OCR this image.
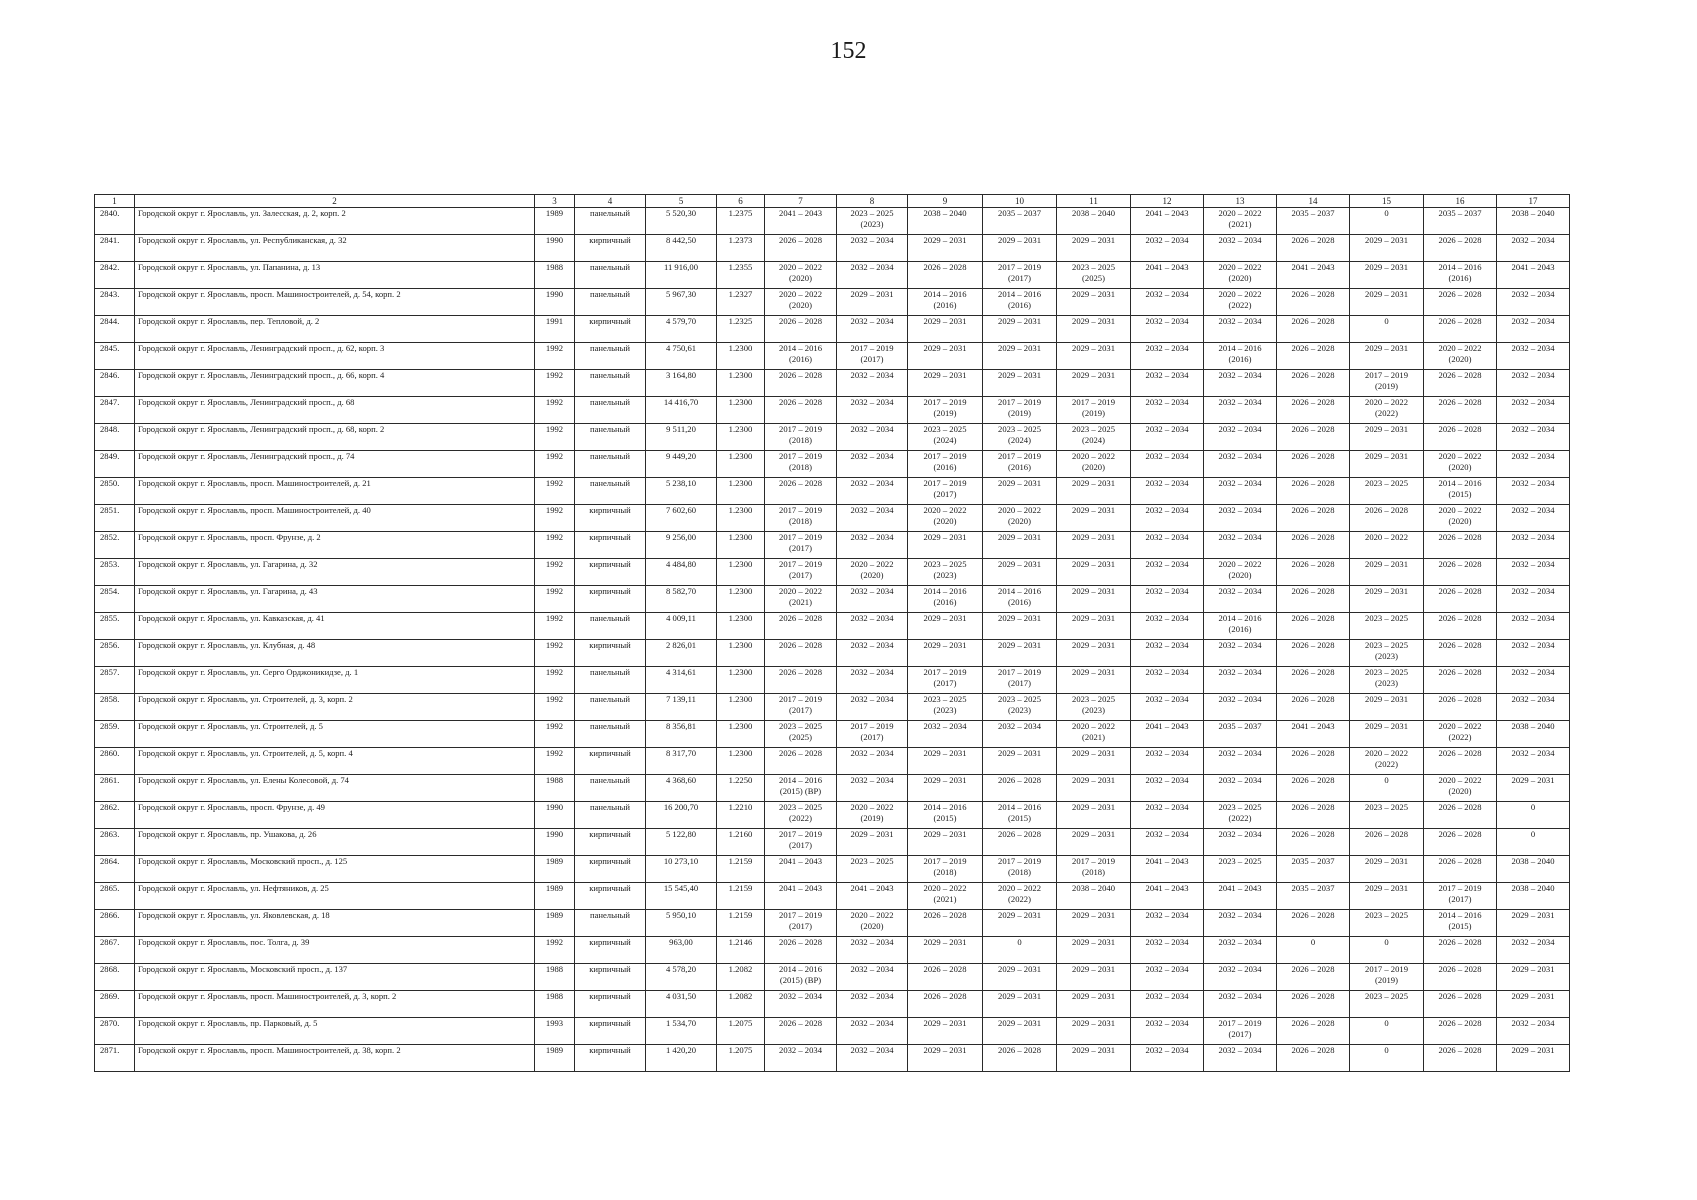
152
1	2	3	4	5	6	7	8	9	10	11	12	13	14	15	16	17

2840.	Городской округ г. Ярославль, ул. Залесская, д. 2, корп. 2	1989	панельный	5 520,30	1.2375	2041 – 2043	2023 – 2025
(2023)	2038 – 2040	2035 – 2037	2038 – 2040	2041 – 2043	2020 – 2022
(2021)	2035 – 2037	0	2035 – 2037	2038 – 2040

2841.	Городской округ г. Ярославль, ул. Республиканская, д. 32	1990	кирпичный	8 442,50	1.2373	2026 – 2028	2032 – 2034	2029 – 2031	2029 – 2031	2029 – 2031	2032 – 2034	2032 – 2034	2026 – 2028	2029 – 2031	2026 – 2028	2032 – 2034

2842.	Городской округ г. Ярославль, ул. Папанина, д. 13	1988	панельный	11 916,00	1.2355	2020 – 2022
(2020)	2032 – 2034	2026 – 2028	2017 – 2019
(2017)	2023 – 2025
(2025)	2041 – 2043	2020 – 2022
(2020)	2041 – 2043	2029 – 2031	2014 – 2016
(2016)	2041 – 2043

2843.	Городской округ г. Ярославль, просп. Машиностроителей, д. 54, корп. 2	1990	панельный	5 967,30	1.2327	2020 – 2022
(2020)	2029 – 2031	2014 – 2016
(2016)	2014 – 2016
(2016)	2029 – 2031	2032 – 2034	2020 – 2022
(2022)	2026 – 2028	2029 – 2031	2026 – 2028	2032 – 2034

2844.	Городской округ г. Ярославль, пер. Тепловой, д. 2	1991	кирпичный	4 579,70	1.2325	2026 – 2028	2032 – 2034	2029 – 2031	2029 – 2031	2029 – 2031	2032 – 2034	2032 – 2034	2026 – 2028	0	2026 – 2028	2032 – 2034

2845.	Городской округ г. Ярославль, Ленинградский просп., д. 62, корп. 3	1992	панельный	4 750,61	1.2300	2014 – 2016
(2016)	2017 – 2019
(2017)	2029 – 2031	2029 – 2031	2029 – 2031	2032 – 2034	2014 – 2016
(2016)	2026 – 2028	2029 – 2031	2020 – 2022
(2020)	2032 – 2034

2846.	Городской округ г. Ярославль, Ленинградский просп., д. 66, корп. 4	1992	панельный	3 164,80	1.2300	2026 – 2028	2032 – 2034	2029 – 2031	2029 – 2031	2029 – 2031	2032 – 2034	2032 – 2034	2026 – 2028	2017 – 2019
(2019)	2026 – 2028	2032 – 2034

2847.	Городской округ г. Ярославль, Ленинградский просп., д. 68	1992	панельный	14 416,70	1.2300	2026 – 2028	2032 – 2034	2017 – 2019
(2019)	2017 – 2019
(2019)	2017 – 2019
(2019)	2032 – 2034	2032 – 2034	2026 – 2028	2020 – 2022
(2022)	2026 – 2028	2032 – 2034

2848.	Городской округ г. Ярославль, Ленинградский просп., д. 68, корп. 2	1992	панельный	9 511,20	1.2300	2017 – 2019
(2018)	2032 – 2034	2023 – 2025
(2024)	2023 – 2025
(2024)	2023 – 2025
(2024)	2032 – 2034	2032 – 2034	2026 – 2028	2029 – 2031	2026 – 2028	2032 – 2034

2849.	Городской округ г. Ярославль, Ленинградский просп., д. 74	1992	панельный	9 449,20	1.2300	2017 – 2019
(2018)	2032 – 2034	2017 – 2019
(2016)	2017 – 2019
(2016)	2020 – 2022
(2020)	2032 – 2034	2032 – 2034	2026 – 2028	2029 – 2031	2020 – 2022
(2020)	2032 – 2034

2850.	Городской округ г. Ярославль, просп. Машиностроителей, д. 21	1992	панельный	5 238,10	1.2300	2026 – 2028	2032 – 2034	2017 – 2019
(2017)	2029 – 2031	2029 – 2031	2032 – 2034	2032 – 2034	2026 – 2028	2023 – 2025	2014 – 2016
(2015)	2032 – 2034

2851.	Городской округ г. Ярославль, просп. Машиностроителей, д. 40	1992	кирпичный	7 602,60	1.2300	2017 – 2019
(2018)	2032 – 2034	2020 – 2022
(2020)	2020 – 2022
(2020)	2029 – 2031	2032 – 2034	2032 – 2034	2026 – 2028	2026 – 2028	2020 – 2022
(2020)	2032 – 2034

2852.	Городской округ г. Ярославль, просп. Фрунзе, д. 2	1992	кирпичный	9 256,00	1.2300	2017 – 2019
(2017)	2032 – 2034	2029 – 2031	2029 – 2031	2029 – 2031	2032 – 2034	2032 – 2034	2026 – 2028	2020 – 2022	2026 – 2028	2032 – 2034

2853.	Городской округ г. Ярославль, ул. Гагарина, д. 32	1992	кирпичный	4 484,80	1.2300	2017 – 2019
(2017)	2020 – 2022
(2020)	2023 – 2025
(2023)	2029 – 2031	2029 – 2031	2032 – 2034	2020 – 2022
(2020)	2026 – 2028	2029 – 2031	2026 – 2028	2032 – 2034

2854.	Городской округ г. Ярославль, ул. Гагарина, д. 43	1992	кирпичный	8 582,70	1.2300	2020 – 2022
(2021)	2032 – 2034	2014 – 2016
(2016)	2014 – 2016
(2016)	2029 – 2031	2032 – 2034	2032 – 2034	2026 – 2028	2029 – 2031	2026 – 2028	2032 – 2034

2855.	Городской округ г. Ярославль, ул. Кавказская, д. 41	1992	панельный	4 009,11	1.2300	2026 – 2028	2032 – 2034	2029 – 2031	2029 – 2031	2029 – 2031	2032 – 2034	2014 – 2016
(2016)	2026 – 2028	2023 – 2025	2026 – 2028	2032 – 2034

2856.	Городской округ г. Ярославль, ул. Клубная, д. 48	1992	кирпичный	2 826,01	1.2300	2026 – 2028	2032 – 2034	2029 – 2031	2029 – 2031	2029 – 2031	2032 – 2034	2032 – 2034	2026 – 2028	2023 – 2025
(2023)	2026 – 2028	2032 – 2034

2857.	Городской округ г. Ярославль, ул. Серго Орджоникидзе, д. 1	1992	панельный	4 314,61	1.2300	2026 – 2028	2032 – 2034	2017 – 2019
(2017)	2017 – 2019
(2017)	2029 – 2031	2032 – 2034	2032 – 2034	2026 – 2028	2023 – 2025
(2023)	2026 – 2028	2032 – 2034

2858.	Городской округ г. Ярославль, ул. Строителей, д. 3, корп. 2	1992	панельный	7 139,11	1.2300	2017 – 2019
(2017)	2032 – 2034	2023 – 2025
(2023)	2023 – 2025
(2023)	2023 – 2025
(2023)	2032 – 2034	2032 – 2034	2026 – 2028	2029 – 2031	2026 – 2028	2032 – 2034

2859.	Городской округ г. Ярославль, ул. Строителей, д. 5	1992	панельный	8 356,81	1.2300	2023 – 2025
(2025)	2017 – 2019
(2017)	2032 – 2034	2032 – 2034	2020 – 2022
(2021)	2041 – 2043	2035 – 2037	2041 – 2043	2029 – 2031	2020 – 2022
(2022)	2038 – 2040

2860.	Городской округ г. Ярославль, ул. Строителей, д. 5, корп. 4	1992	кирпичный	8 317,70	1.2300	2026 – 2028	2032 – 2034	2029 – 2031	2029 – 2031	2029 – 2031	2032 – 2034	2032 – 2034	2026 – 2028	2020 – 2022
(2022)	2026 – 2028	2032 – 2034

2861.	Городской округ г. Ярославль, ул. Елены Колесовой, д. 74	1988	панельный	4 368,60	1.2250	2014 – 2016
(2015) (ВР)	2032 – 2034	2029 – 2031	2026 – 2028	2029 – 2031	2032 – 2034	2032 – 2034	2026 – 2028	0	2020 – 2022
(2020)	2029 – 2031

2862.	Городской округ г. Ярославль, просп. Фрунзе, д. 49	1990	панельный	16 200,70	1.2210	2023 – 2025
(2022)	2020 – 2022
(2019)	2014 – 2016
(2015)	2014 – 2016
(2015)	2029 – 2031	2032 – 2034	2023 – 2025
(2022)	2026 – 2028	2023 – 2025	2026 – 2028	0

2863.	Городской округ г. Ярославль, пр. Ушакова, д. 26	1990	кирпичный	5 122,80	1.2160	2017 – 2019
(2017)	2029 – 2031	2029 – 2031	2026 – 2028	2029 – 2031	2032 – 2034	2032 – 2034	2026 – 2028	2026 – 2028	2026 – 2028	0

2864.	Городской округ г. Ярославль, Московский просп., д. 125	1989	кирпичный	10 273,10	1.2159	2041 – 2043	2023 – 2025	2017 – 2019
(2018)	2017 – 2019
(2018)	2017 – 2019
(2018)	2041 – 2043	2023 – 2025	2035 – 2037	2029 – 2031	2026 – 2028	2038 – 2040

2865.	Городской округ г. Ярославль, ул. Нефтяников, д. 25	1989	кирпичный	15 545,40	1.2159	2041 – 2043	2041 – 2043	2020 – 2022
(2021)	2020 – 2022
(2022)	2038 – 2040	2041 – 2043	2041 – 2043	2035 – 2037	2029 – 2031	2017 – 2019
(2017)	2038 – 2040

2866.	Городской округ г. Ярославль, ул. Яковлевская, д. 18	1989	панельный	5 950,10	1.2159	2017 – 2019
(2017)	2020 – 2022
(2020)	2026 – 2028	2029 – 2031	2029 – 2031	2032 – 2034	2032 – 2034	2026 – 2028	2023 – 2025	2014 – 2016
(2015)	2029 – 2031

2867.	Городской округ г. Ярославль, пос. Толга, д. 39	1992	кирпичный	963,00	1.2146	2026 – 2028	2032 – 2034	2029 – 2031	0	2029 – 2031	2032 – 2034	2032 – 2034	0	0	2026 – 2028	2032 – 2034

2868.	Городской округ г. Ярославль, Московский просп., д. 137	1988	кирпичный	4 578,20	1.2082	2014 – 2016
(2015) (ВР)	2032 – 2034	2026 – 2028	2029 – 2031	2029 – 2031	2032 – 2034	2032 – 2034	2026 – 2028	2017 – 2019
(2019)	2026 – 2028	2029 – 2031

2869.	Городской округ г. Ярославль, просп. Машиностроителей, д. 3, корп. 2	1988	кирпичный	4 031,50	1.2082	2032 – 2034	2032 – 2034	2026 – 2028	2029 – 2031	2029 – 2031	2032 – 2034	2032 – 2034	2026 – 2028	2023 – 2025	2026 – 2028	2029 – 2031

2870.	Городской округ г. Ярославль, пр. Парковый, д. 5	1993	кирпичный	1 534,70	1.2075	2026 – 2028	2032 – 2034	2029 – 2031	2029 – 2031	2029 – 2031	2032 – 2034	2017 – 2019
(2017)	2026 – 2028	0	2026 – 2028	2032 – 2034

2871.	Городской округ г. Ярославль, просп. Машиностроителей, д. 38, корп. 2	1989	кирпичный	1 420,20	1.2075	2032 – 2034	2032 – 2034	2029 – 2031	2026 – 2028	2029 – 2031	2032 – 2034	2032 – 2034	2026 – 2028	0	2026 – 2028	2029 – 2031
